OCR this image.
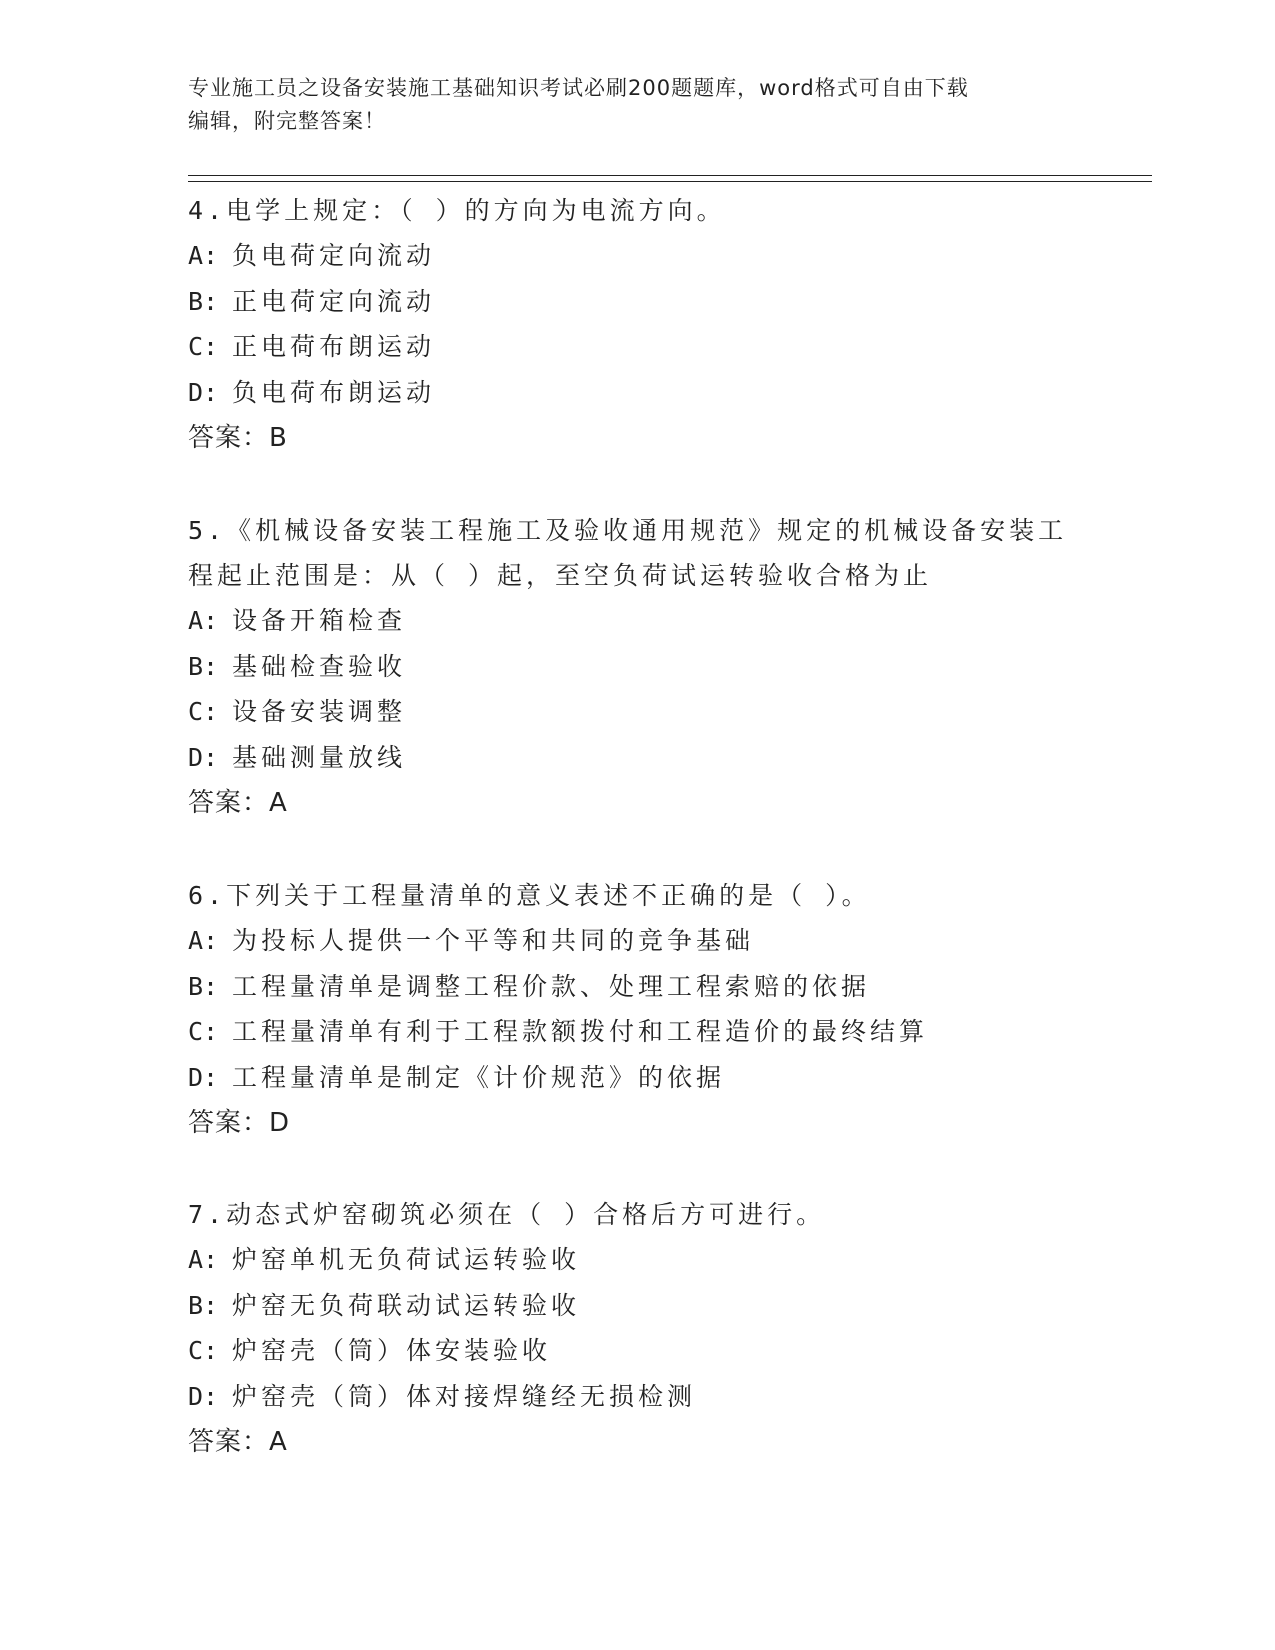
专业施工员之设备安装施工基础知识考试必刷200题题库，word格式可自由下载
编辑，附完整答案！

4.电学上规定：（ ）的方向为电流方向。

A: 负电荷定向流动

B: 正电荷定向流动

C: 正电荷布朗运动

D: 负电荷布朗运动

答案：B

5.《机械设备安装工程施工及验收通用规范》规定的机械设备安装工

程起止范围是：从（ ）起，至空负荷试运转验收合格为止

A: 设备开箱检查

B: 基础检查验收

C: 设备安装调整

D: 基础测量放线

答案：A

6.下列关于工程量清单的意义表述不正确的是（ ）。

A: 为投标人提供一个平等和共同的竞争基础

B: 工程量清单是调整工程价款、处理工程索赔的依据

C: 工程量清单有利于工程款额拨付和工程造价的最终结算

D: 工程量清单是制定《计价规范》的依据

答案：D

7.动态式炉窑砌筑必须在（ ）合格后方可进行。

A: 炉窑单机无负荷试运转验收

B: 炉窑无负荷联动试运转验收

C: 炉窑壳（筒）体安装验收

D: 炉窑壳（筒）体对接焊缝经无损检测

答案：A
